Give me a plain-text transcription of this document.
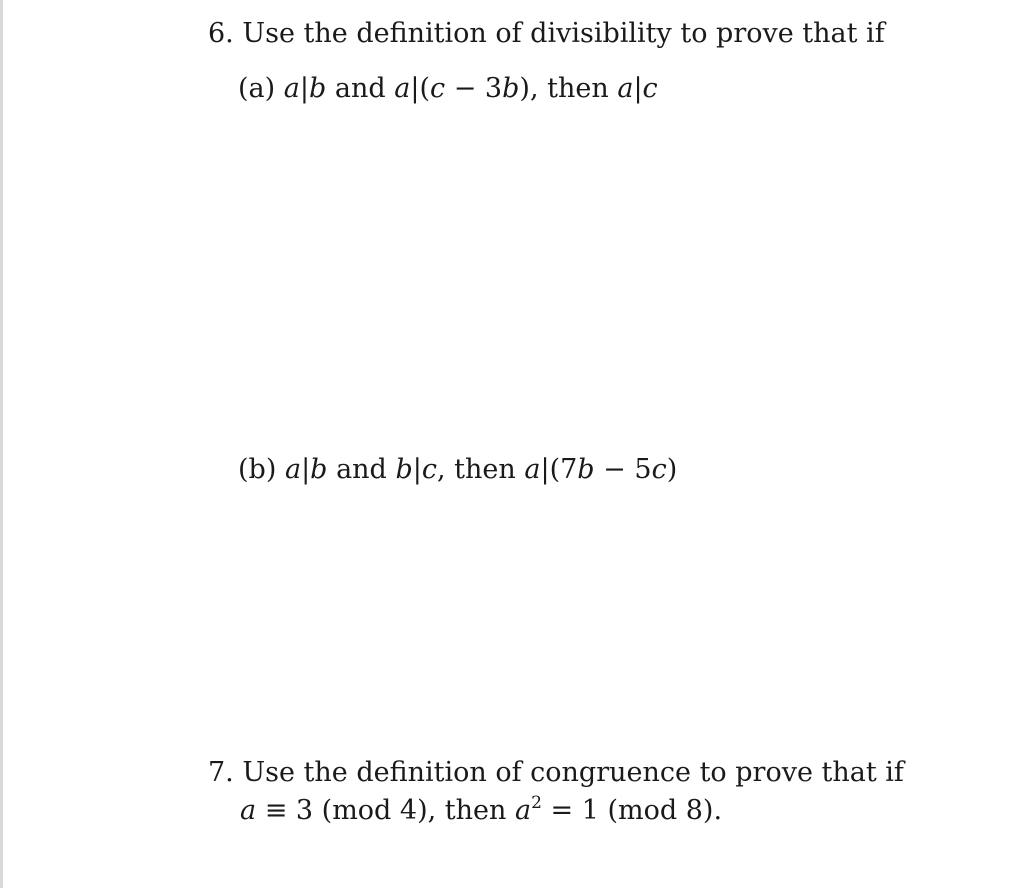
6. Use the definition of divisibility to prove that if
(a) a|b and a|(c − 3b), then a|c
(b) a|b and b|c, then a|(7b − 5c)
7. Use the definition of congruence to prove that if
a ≡ 3 (mod 4), then $a^2 = 1$ (mod 8).
